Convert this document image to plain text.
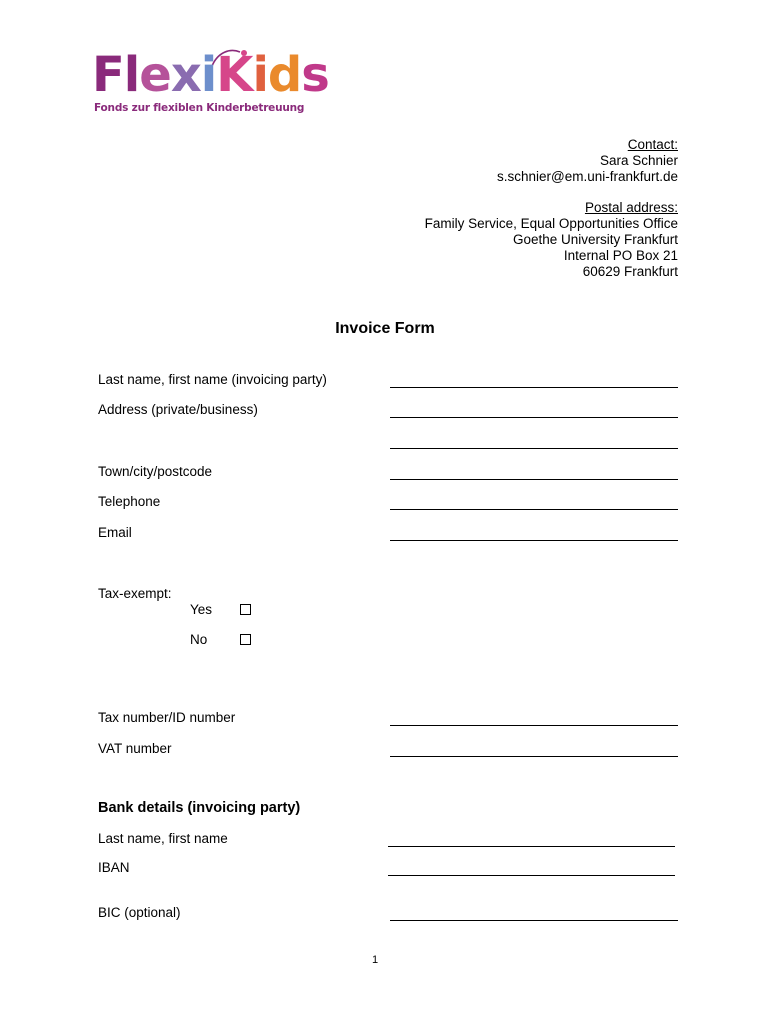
FlexiKids
Fonds zur flexiblen Kinderbetreuung
Contact:
Sara Schnier
s.schnier@em.uni-frankfurt.de
Postal address:
Family Service, Equal Opportunities Office
Goethe University Frankfurt
Internal PO Box 21
60629 Frankfurt
Invoice Form
Last name, first name (invoicing party)
Address (private/business)
Town/city/postcode
Telephone
Email
Tax-exempt:
Yes
No
Tax number/ID number
VAT number
Bank details (invoicing party)
Last name, first name
IBAN
BIC (optional)
1
